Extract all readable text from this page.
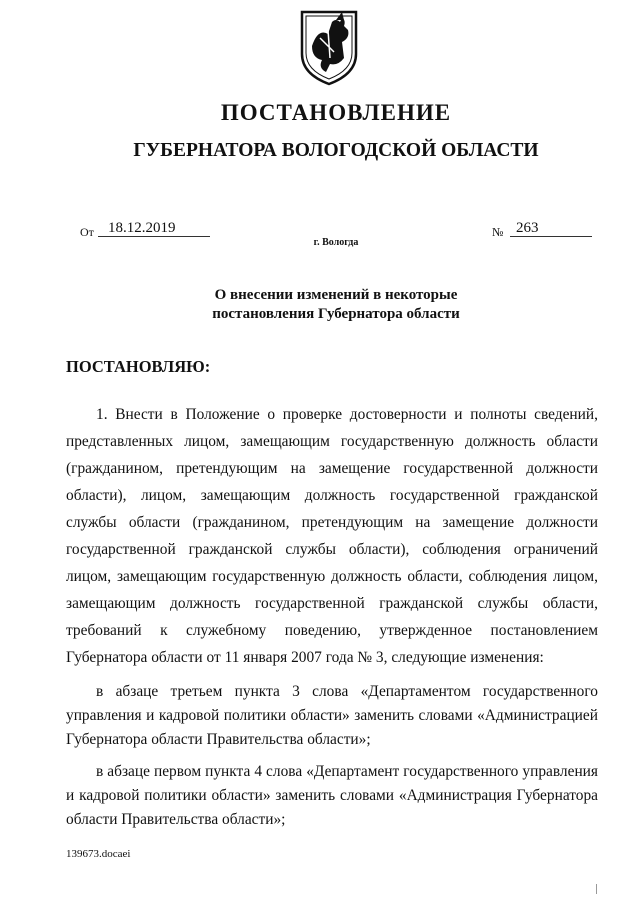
ПОСТАНОВЛЕНИЕ
ГУБЕРНАТОРА ВОЛОГОДСКОЙ ОБЛАСТИ
От 18.12.2019	№ 263
г. Вологда
О внесении изменений в некоторые
постановления Губернатора области
ПОСТАНОВЛЯЮ:

1. Внести в Положение о проверке достоверности и полноты сведений, представленных лицом, замещающим государственную должность области (гражданином, претендующим на замещение государственной должности области), лицом, замещающим должность государственной гражданской службы области (гражданином, претендующим на замещение должности государственной гражданской службы области), соблюдения ограничений лицом, замещающим государственную должность области, соблюдения лицом, замещающим должность государственной гражданской службы области, требований к служебному поведению, утвержденное постановлением Губернатора области от 11 января 2007 года № 3, следующие изменения:

в абзаце третьем пункта 3 слова «Департаментом государственного управления и кадровой политики области» заменить словами «Администрацией Губернатора области Правительства области»;

в абзаце первом пункта 4 слова «Департамент государственного управления и кадровой политики области» заменить словами «Администрация Губернатора области Правительства области»;

139673.docaei
